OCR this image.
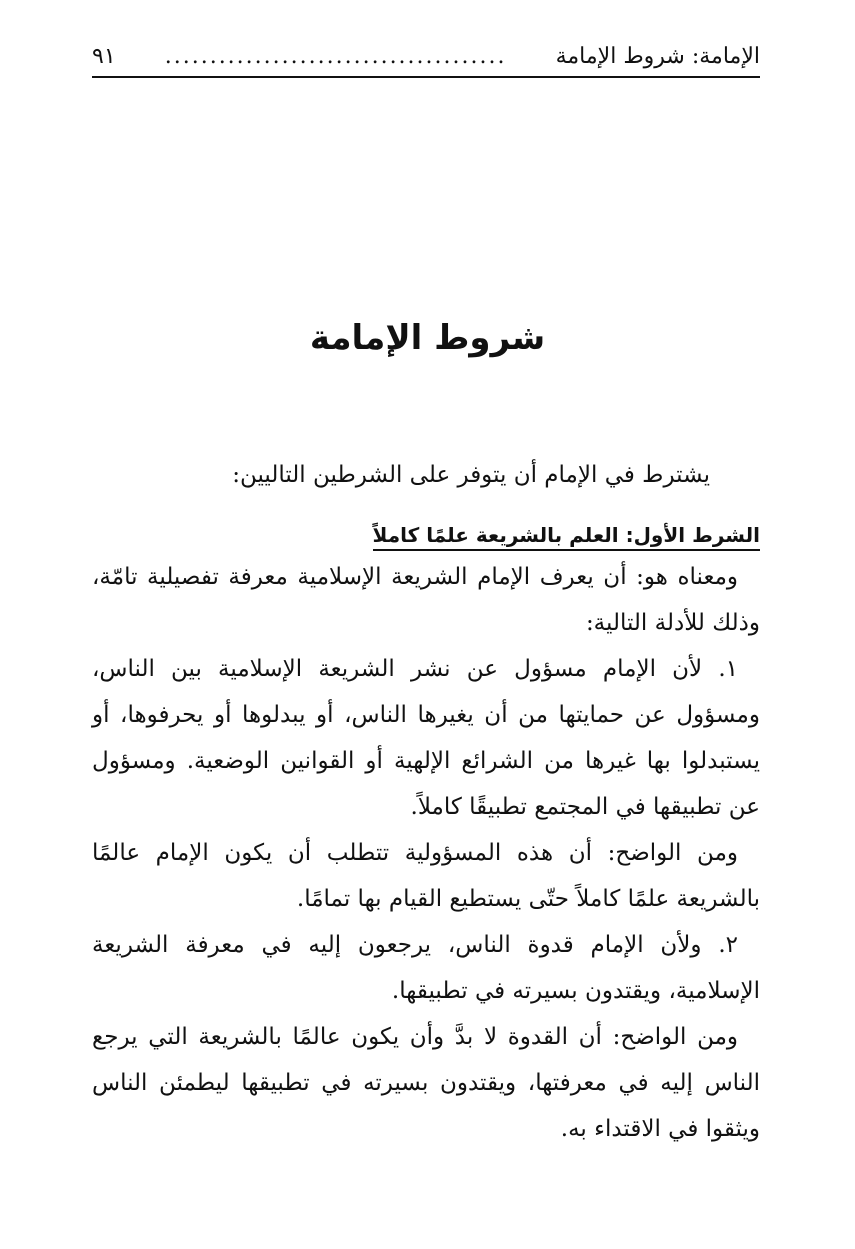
الإمامة: شروط الإمامة
......................................
٩١
شروط الإمامة

يشترط في الإمام أن يتوفر على الشرطين التاليين:

الشرط الأول: العلم بالشريعة علمًا كاملاً

ومعناه هو: أن يعرف الإمام الشريعة الإسلامية معرفة تفصيلية تامّة، وذلك للأدلة التالية:

١. لأن الإمام مسؤول عن نشر الشريعة الإسلامية بين الناس، ومسؤول عن حمايتها من أن يغيرها الناس، أو يبدلوها أو يحرفوها، أو يستبدلوا بها غيرها من الشرائع الإلهية أو القوانين الوضعية. ومسؤول عن تطبيقها في المجتمع تطبيقًا كاملاً.

ومن الواضح: أن هذه المسؤولية تتطلب أن يكون الإمام عالمًا بالشريعة علمًا كاملاً حتّى يستطيع القيام بها تمامًا.

٢. ولأن الإمام قدوة الناس، يرجعون إليه في معرفة الشريعة الإسلامية، ويقتدون بسيرته في تطبيقها.

ومن الواضح: أن القدوة لا بدَّ وأن يكون عالمًا بالشريعة التي يرجع الناس إليه في معرفتها، ويقتدون بسيرته في تطبيقها ليطمئن الناس ويثقوا في الاقتداء به.
